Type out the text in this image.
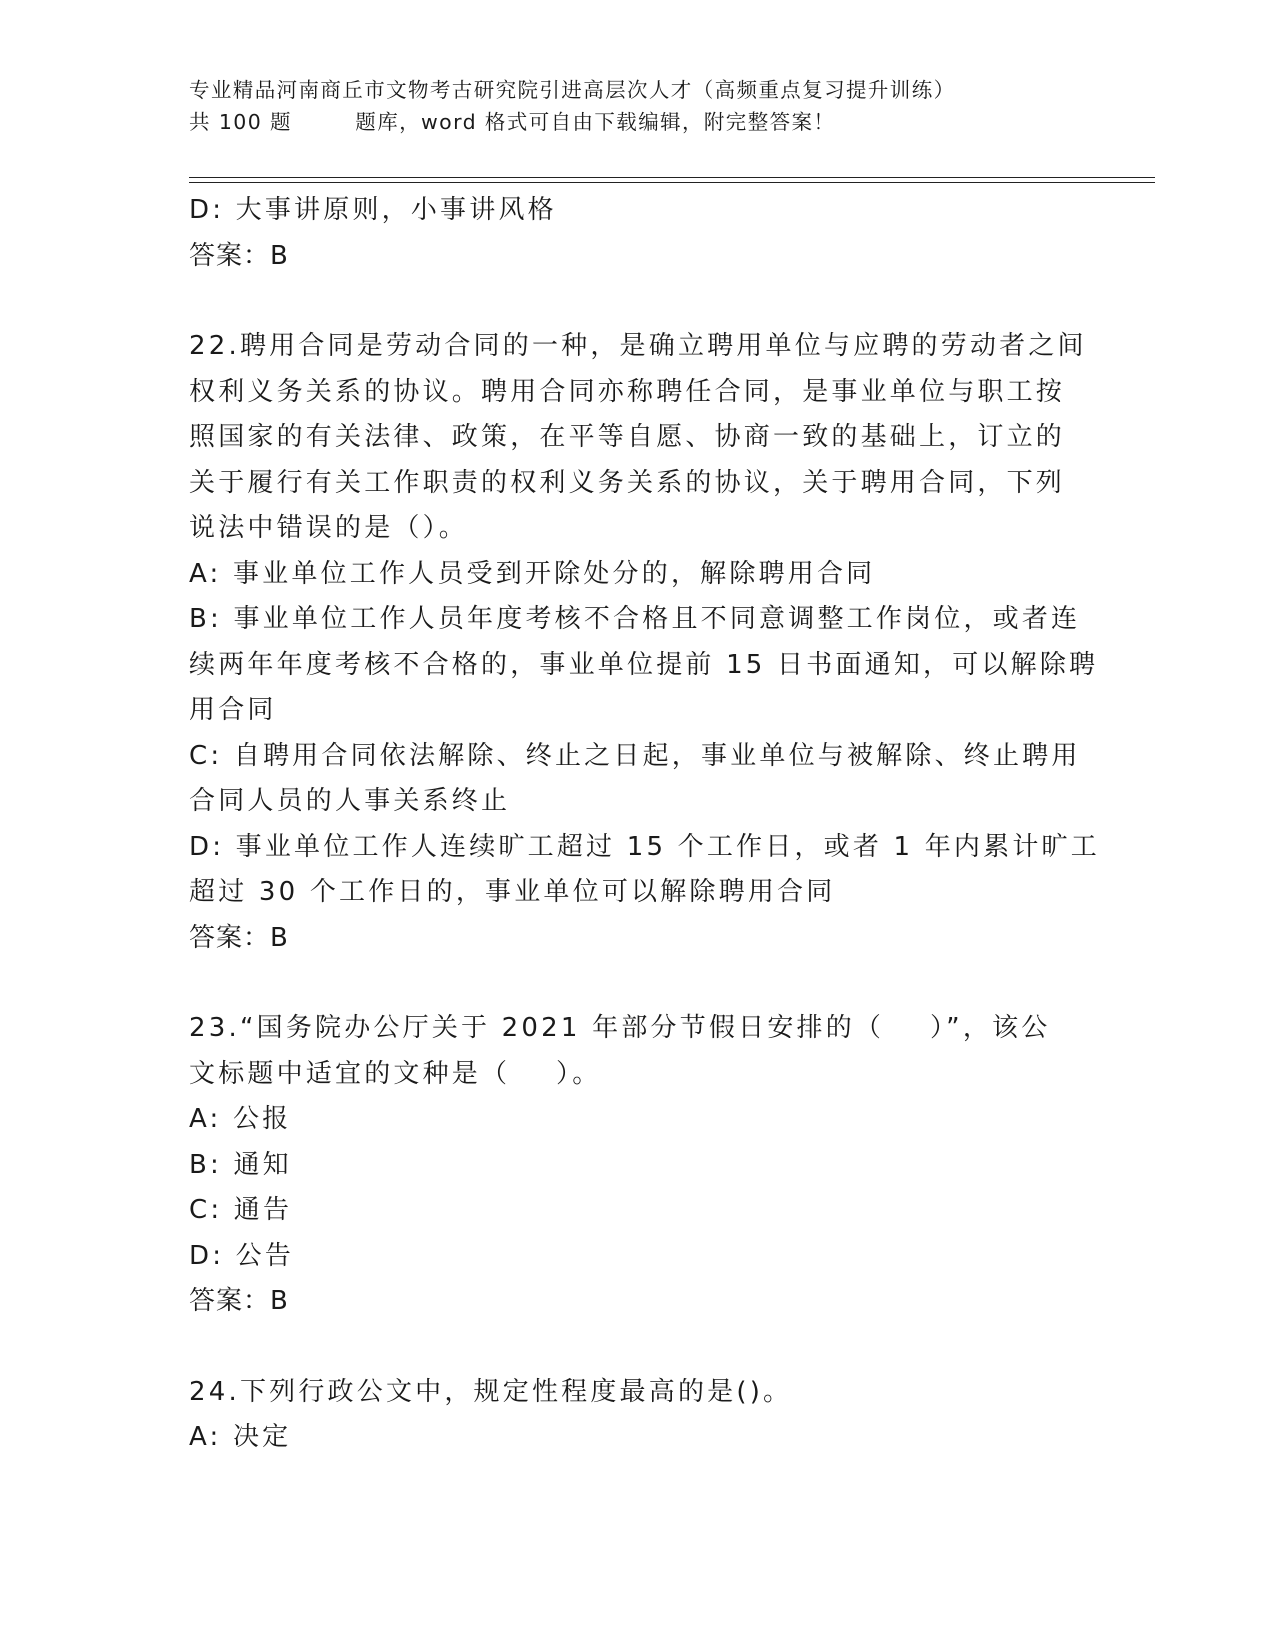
专业精品河南商丘市文物考古研究院引进高层次人才（高频重点复习提升训练）
共 100 题        题库，word 格式可自由下载编辑，附完整答案！
D: 大事讲原则，小事讲风格
答案：B
22.聘用合同是劳动合同的一种，是确立聘用单位与应聘的劳动者之间
权利义务关系的协议。聘用合同亦称聘任合同，是事业单位与职工按
照国家的有关法律、政策，在平等自愿、协商一致的基础上，订立的
关于履行有关工作职责的权利义务关系的协议，关于聘用合同，下列
说法中错误的是（）。
A: 事业单位工作人员受到开除处分的，解除聘用合同
B: 事业单位工作人员年度考核不合格且不同意调整工作岗位，或者连
续两年年度考核不合格的，事业单位提前 15 日书面通知，可以解除聘
用合同
C: 自聘用合同依法解除、终止之日起，事业单位与被解除、终止聘用
合同人员的人事关系终止
D: 事业单位工作人连续旷工超过 15 个工作日，或者 1 年内累计旷工
超过 30 个工作日的，事业单位可以解除聘用合同
答案：B
23.“国务院办公厅关于 2021 年部分节假日安排的（    ）”，该公
文标题中适宜的文种是（    ）。
A: 公报
B: 通知
C: 通告
D: 公告
答案：B
24.下列行政公文中，规定性程度最高的是()。
A: 决定
